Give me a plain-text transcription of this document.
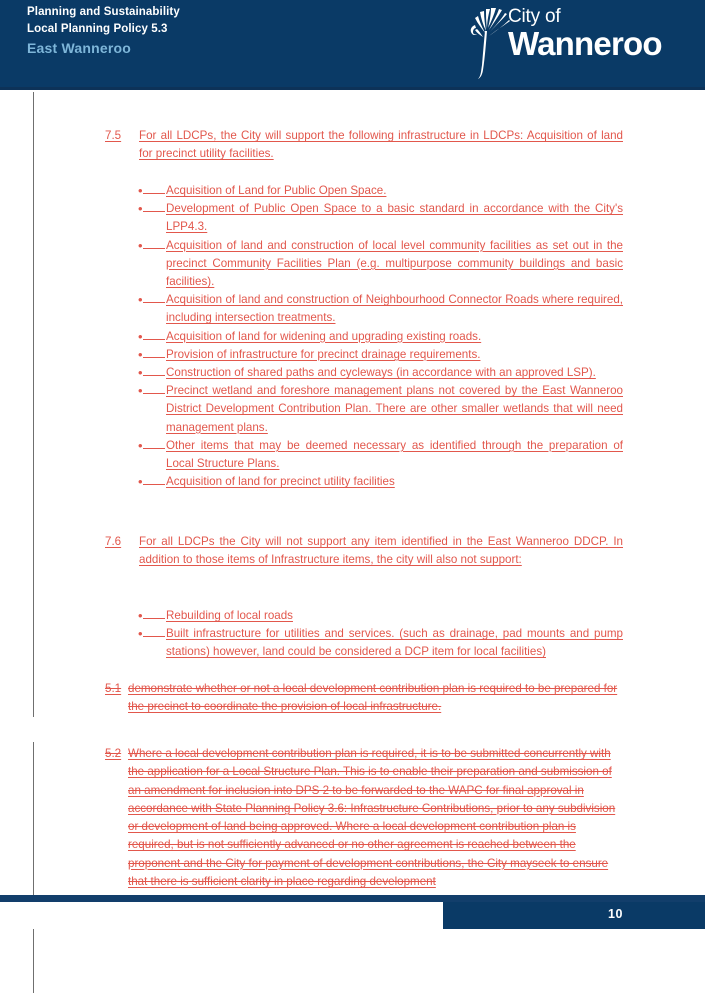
Planning and Sustainability
Local Planning Policy 5.3
East Wanneroo
City of
Wanneroo
7.5	For all LDCPs, the City will support the following infrastructure in LDCPs: Acquisition of land for precinct utility facilities.
• Acquisition of Land for Public Open Space.
• Development of Public Open Space to a basic standard in accordance with the City's LPP4.3.
• Acquisition of land and construction of local level community facilities as set out in the precinct Community Facilities Plan (e.g. multipurpose community buildings and basic facilities).
• Acquisition of land and construction of Neighbourhood Connector Roads where required, including intersection treatments.
• Acquisition of land for widening and upgrading existing roads.
• Provision of infrastructure for precinct drainage requirements.
• Construction of shared paths and cycleways (in accordance with an approved LSP).
• Precinct wetland and foreshore management plans not covered by the East Wanneroo District Development Contribution Plan. There are other smaller wetlands that will need management plans.
• Other items that may be deemed necessary as identified through the preparation of Local Structure Plans.
• Acquisition of land for precinct utility facilities
7.6	For all LDCPs the City will not support any item identified in the East Wanneroo DDCP. In addition to those items of Infrastructure items, the city will also not support:
• Rebuilding of local roads
• Built infrastructure for utilities and services. (such as drainage, pad mounts and pump stations) however, land could be considered a DCP item for local facilities)
5.1 demonstrate whether or not a local development contribution plan is required to be prepared for the precinct to coordinate the provision of local infrastructure.
5.2 Where a local development contribution plan is required, it is to be submitted concurrently with the application for a Local Structure Plan. This is to enable their preparation and submission of an amendment for inclusion into DPS 2 to be forwarded to the WAPC for final approval in accordance with State Planning Policy 3.6: Infrastructure Contributions, prior to any subdivision or development of land being approved. Where a local development contribution plan is required, but is not sufficiently advanced or no other agreement is reached between the proponent and the City for payment of development contributions, the City mayseek to ensure that there is sufficient clarity in place regarding development
10
